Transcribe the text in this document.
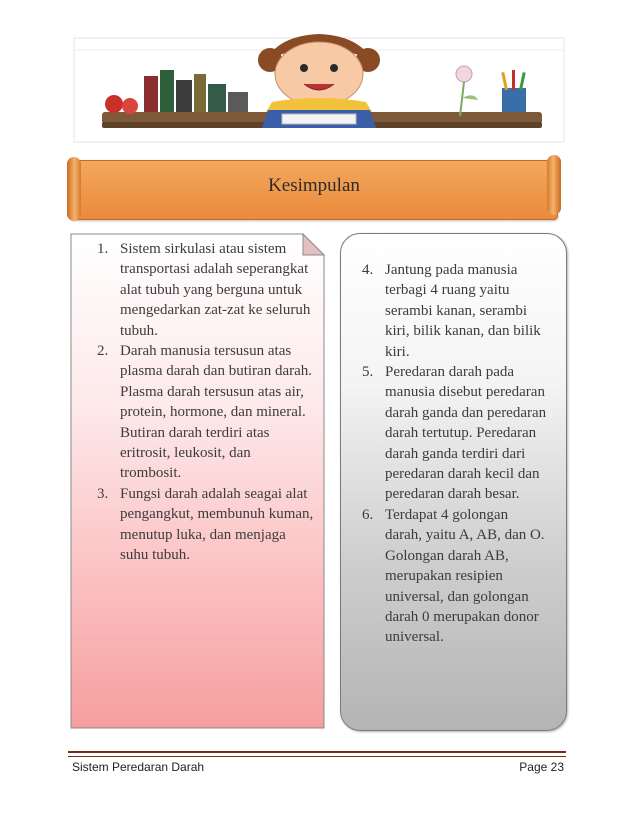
Kesimpulan
1. Sistem sirkulasi atau sistem transportasi adalah seperangkat alat tubuh yang berguna untuk mengedarkan zat-zat ke seluruh tubuh.
2. Darah manusia tersusun atas plasma darah dan butiran darah. Plasma darah tersusun atas air, protein, hormone, dan mineral. Butiran darah terdiri atas eritrosit, leukosit, dan trombosit.
3. Fungsi darah adalah seagai alat pengangkut, membunuh kuman, menutup luka, dan menjaga suhu tubuh.
4. Jantung pada manusia terbagi 4 ruang yaitu serambi kanan, serambi kiri, bilik kanan, dan bilik kiri.
5. Peredaran darah pada manusia disebut peredaran darah ganda dan peredaran darah tertutup. Peredaran darah ganda terdiri dari peredaran darah kecil dan peredaran darah besar.
6. Terdapat 4 golongan darah, yaitu A, AB, dan O. Golongan darah AB, merupakan resipien universal, dan golongan darah 0 merupakan donor universal.
Sistem Peredaran Darah	Page 23
